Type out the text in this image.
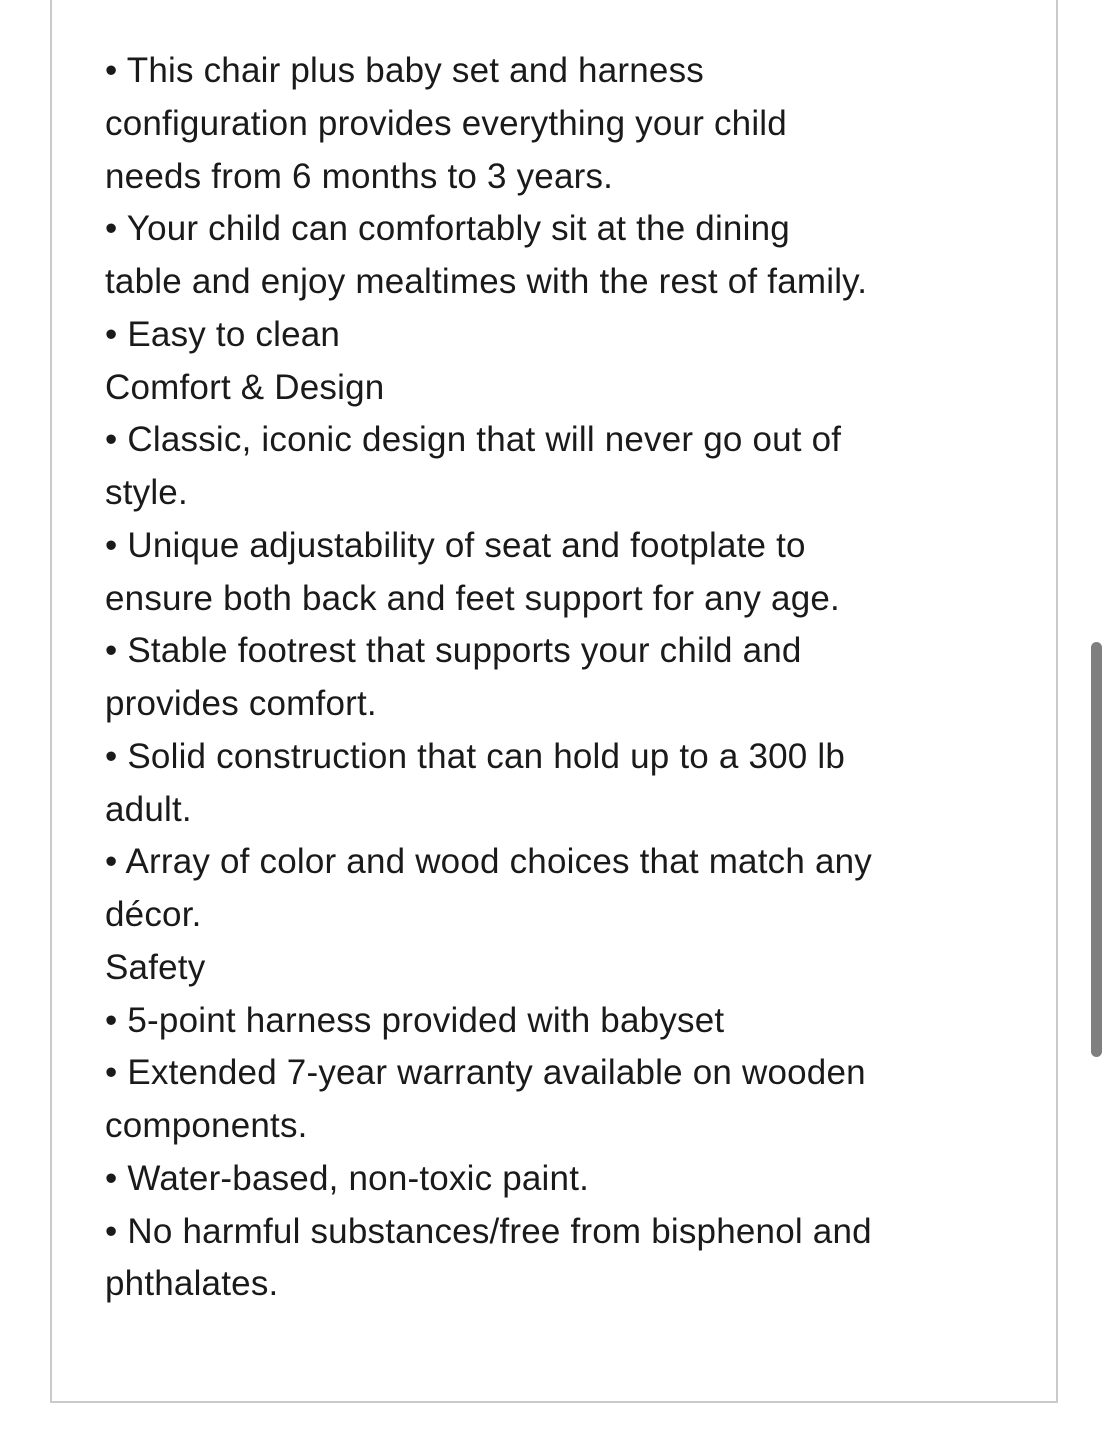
• This chair plus baby set and harness
configuration provides everything your child
needs from 6 months to 3 years.
• Your child can comfortably sit at the dining
table and enjoy mealtimes with the rest of family.
• Easy to clean
Comfort & Design
• Classic, iconic design that will never go out of
style.
• Unique adjustability of seat and footplate to
ensure both back and feet support for any age.
• Stable footrest that supports your child and
provides comfort.
• Solid construction that can hold up to a 300 lb
adult.
• Array of color and wood choices that match any
décor.
Safety
• 5-point harness provided with babyset
• Extended 7-year warranty available on wooden
components.
• Water-based, non-toxic paint.
• No harmful substances/free from bisphenol and
phthalates.
